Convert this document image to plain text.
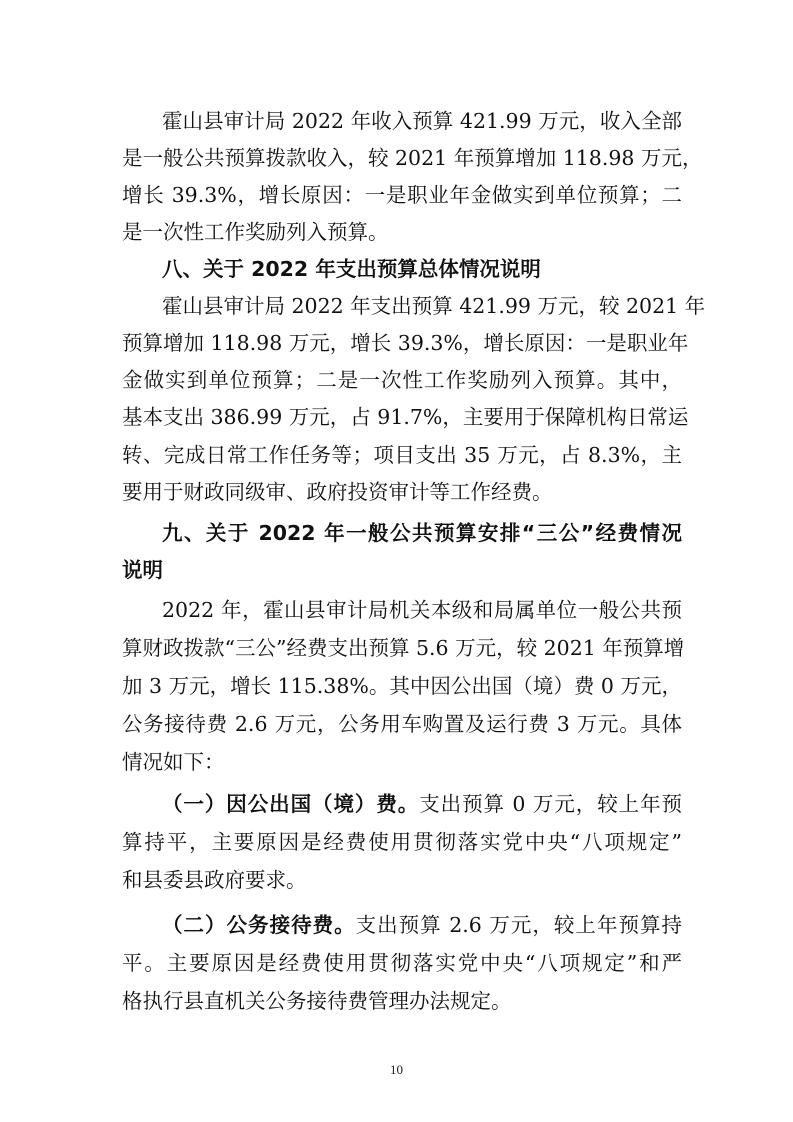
霍山县审计局 2022 年收入预算 421.99 万元，收入全部
是一般公共预算拨款收入，较 2021 年预算增加 118.98 万元，
增长 39.3%，增长原因：一是职业年金做实到单位预算；二
是一次性工作奖励列入预算。
八、关于 2022 年支出预算总体情况说明
霍山县审计局 2022 年支出预算 421.99 万元，较 2021 年
预算增加 118.98 万元，增长 39.3%，增长原因：一是职业年
金做实到单位预算；二是一次性工作奖励列入预算。其中，
基本支出 386.99 万元，占 91.7%，主要用于保障机构日常运
转、完成日常工作任务等；项目支出 35 万元，占 8.3%，主
要用于财政同级审、政府投资审计等工作经费。
九、关于 2022 年一般公共预算安排“三公”经费情况
说明
2022 年，霍山县审计局机关本级和局属单位一般公共预
算财政拨款“三公”经费支出预算 5.6 万元，较 2021 年预算增
加 3 万元，增长 115.38%。其中因公出国（境）费 0 万元，
公务接待费 2.6 万元，公务用车购置及运行费 3 万元。具体
情况如下：
（一）因公出国（境）费。支出预算 0 万元，较上年预
算持平，主要原因是经费使用贯彻落实党中央“八项规定”
和县委县政府要求。
（二）公务接待费。支出预算 2.6 万元，较上年预算持
平。主要原因是经费使用贯彻落实党中央“八项规定”和严
格执行县直机关公务接待费管理办法规定。
10
